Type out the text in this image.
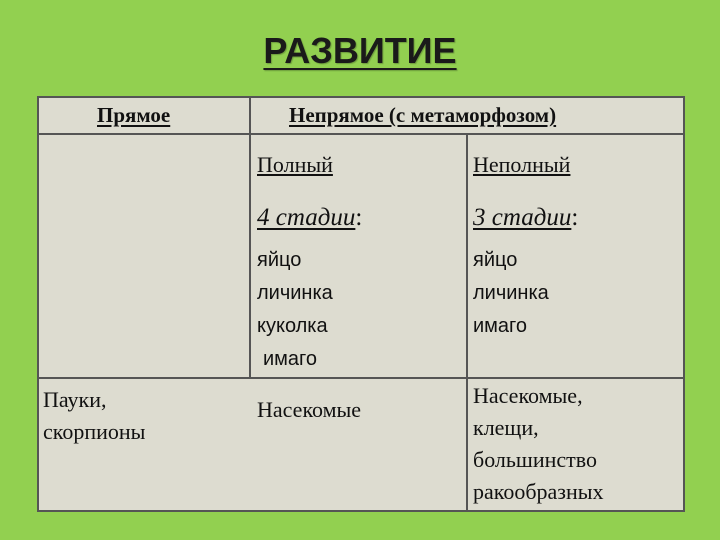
РАЗВИТИЕ
Прямое	Непрямое (с метаморфозом)
Полный
4 стадии:
яйцо
личинка
куколка
имаго
Неполный
3 стадии:
яйцо
личинка
имаго
Пауки,
скорпионы
Насекомые
Насекомые,
клещи,
большинство
ракообразных
